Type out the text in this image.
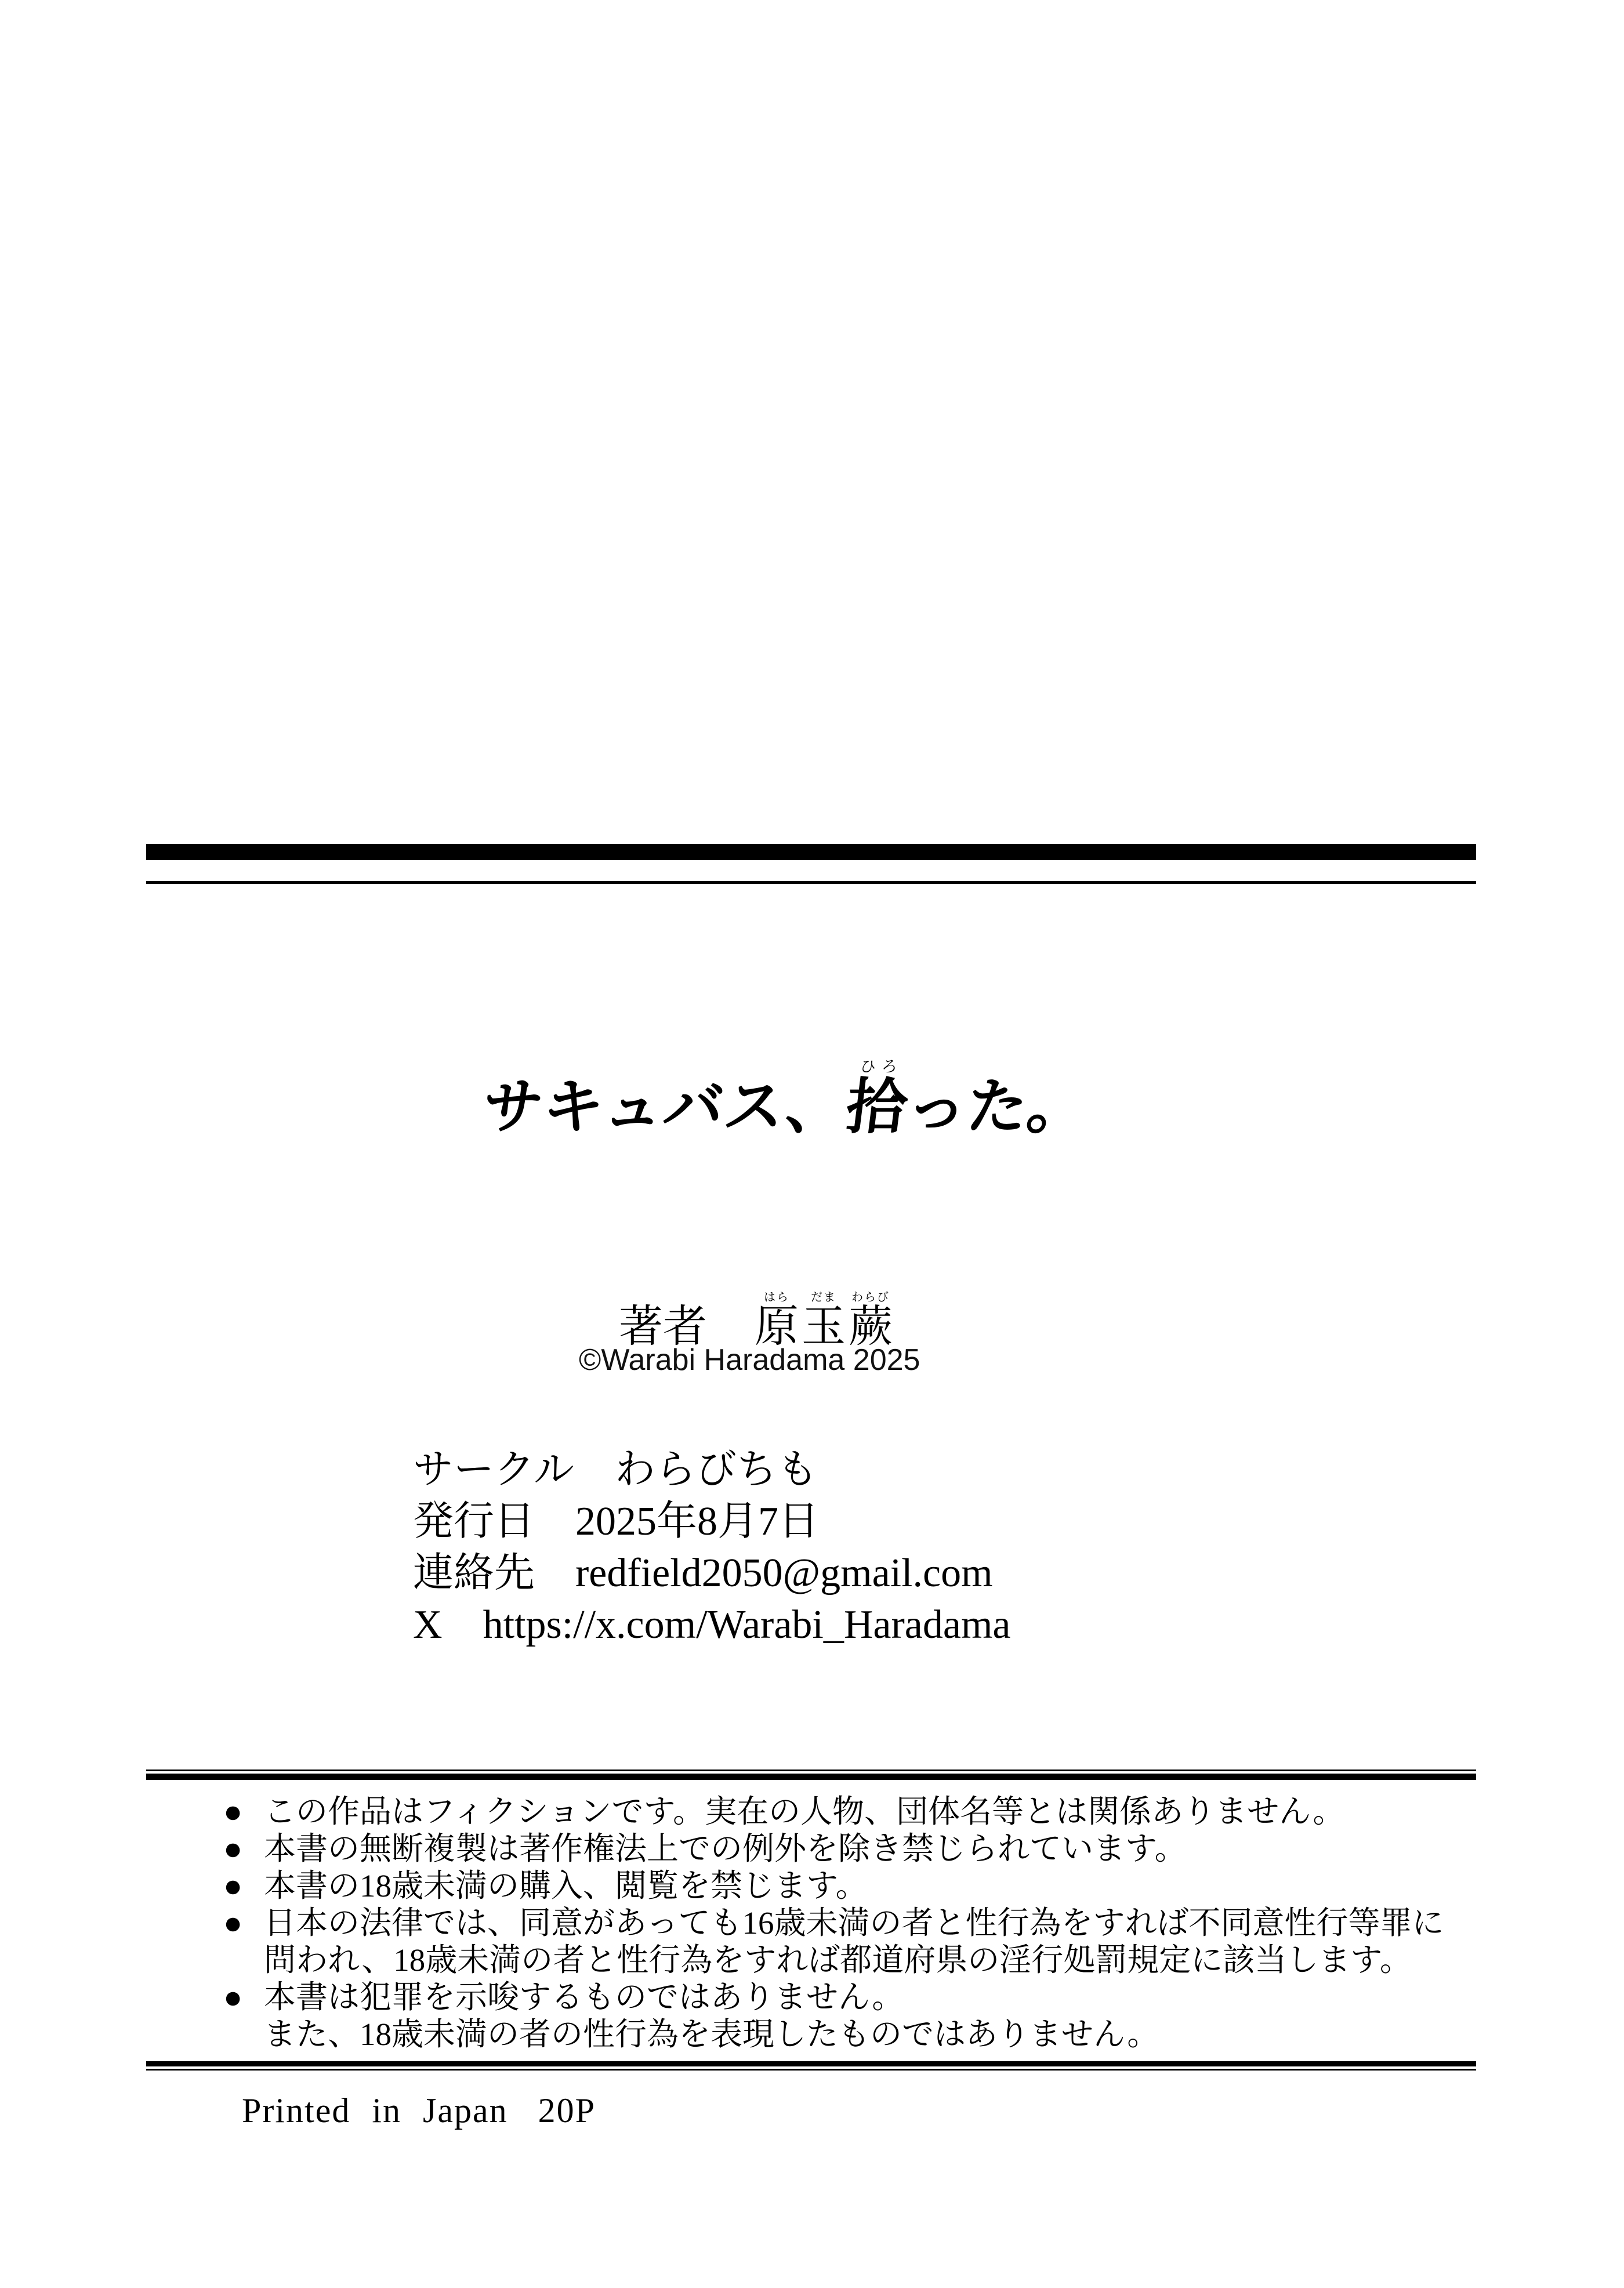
サキュバス、拾ひろった。
著者 原はら玉だま蕨わらび
©Warabi Haradama 2025
サークル わらびちも
発行日 2025年8月7日
連絡先 redfield2050@gmail.com
X https://x.com/Warabi_Haradama
● この作品はフィクションです。実在の人物、団体名等とは関係ありません。
● 本書の無断複製は著作権法上での例外を除き禁じられています。
● 本書の18歳未満の購入、閲覧を禁じます。
● 日本の法律では、同意があっても16歳未満の者と性行為をすれば不同意性行等罪に
問われ、18歳未満の者と性行為をすれば都道府県の淫行処罰規定に該当します。
● 本書は犯罪を示唆するものではありません。
また、18歳未満の者の性行為を表現したものではありません。
Printed in Japan 20P
